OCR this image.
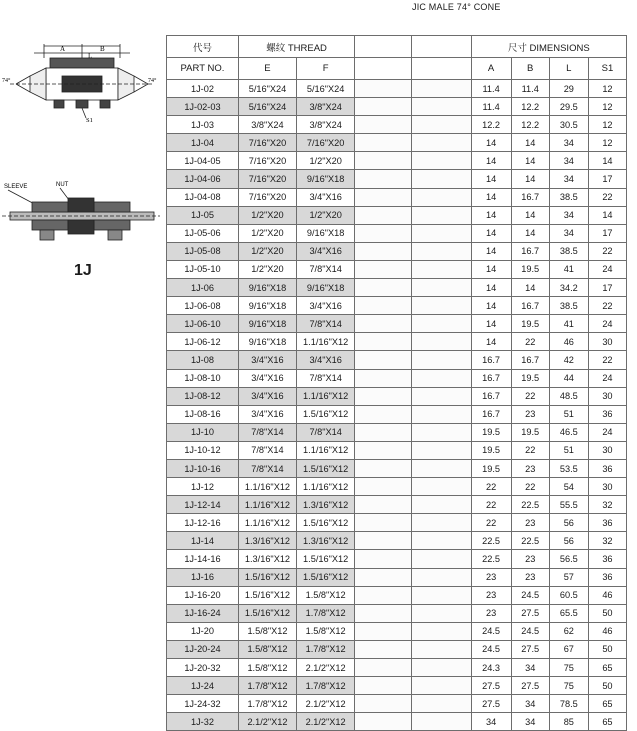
JIC MALE 74° CONE
A	B
L
S1
74°	74°
SLEEVE	NUT
1J
代号	螺纹 THREAD				尺寸 DIMENSIONS			
PART NO.	E	F			A	B	L	S1
1J-02	5/16"X24	5/16"X24			11.4	11.4	29	12
1J-02-03	5/16"X24	3/8"X24			11.4	12.2	29.5	12
1J-03	3/8"X24	3/8"X24			12.2	12.2	30.5	12
1J-04	7/16"X20	7/16"X20			14	14	34	12
1J-04-05	7/16"X20	1/2"X20			14	14	34	14
1J-04-06	7/16"X20	9/16"X18			14	14	34	17
1J-04-08	7/16"X20	3/4"X16			14	16.7	38.5	22
1J-05	1/2"X20	1/2"X20			14	14	34	14
1J-05-06	1/2"X20	9/16"X18			14	14	34	17
1J-05-08	1/2"X20	3/4"X16			14	16.7	38.5	22
1J-05-10	1/2"X20	7/8"X14			14	19.5	41	24
1J-06	9/16"X18	9/16"X18			14	14	34.2	17
1J-06-08	9/16"X18	3/4"X16			14	16.7	38.5	22
1J-06-10	9/16"X18	7/8"X14			14	19.5	41	24
1J-06-12	9/16"X18	1.1/16"X12			14	22	46	30
1J-08	3/4"X16	3/4"X16			16.7	16.7	42	22
1J-08-10	3/4"X16	7/8"X14			16.7	19.5	44	24
1J-08-12	3/4"X16	1.1/16"X12			16.7	22	48.5	30
1J-08-16	3/4"X16	1.5/16"X12			16.7	23	51	36
1J-10	7/8"X14	7/8"X14			19.5	19.5	46.5	24
1J-10-12	7/8"X14	1.1/16"X12			19.5	22	51	30
1J-10-16	7/8"X14	1.5/16"X12			19.5	23	53.5	36
1J-12	1.1/16"X12	1.1/16"X12			22	22	54	30
1J-12-14	1.1/16"X12	1.3/16"X12			22	22.5	55.5	32
1J-12-16	1.1/16"X12	1.5/16"X12			22	23	56	36
1J-14	1.3/16"X12	1.3/16"X12			22.5	22.5	56	32
1J-14-16	1.3/16"X12	1.5/16"X12			22.5	23	56.5	36
1J-16	1.5/16"X12	1.5/16"X12			23	23	57	36
1J-16-20	1.5/16"X12	1.5/8"X12			23	24.5	60.5	46
1J-16-24	1.5/16"X12	1.7/8"X12			23	27.5	65.5	50
1J-20	1.5/8"X12	1.5/8"X12			24.5	24.5	62	46
1J-20-24	1.5/8"X12	1.7/8"X12			24.5	27.5	67	50
1J-20-32	1.5/8"X12	2.1/2"X12			24.3	34	75	65
1J-24	1.7/8"X12	1.7/8"X12			27.5	27.5	75	50
1J-24-32	1.7/8"X12	2.1/2"X12			27.5	34	78.5	65
1J-32	2.1/2"X12	2.1/2"X12			34	34	85	65
